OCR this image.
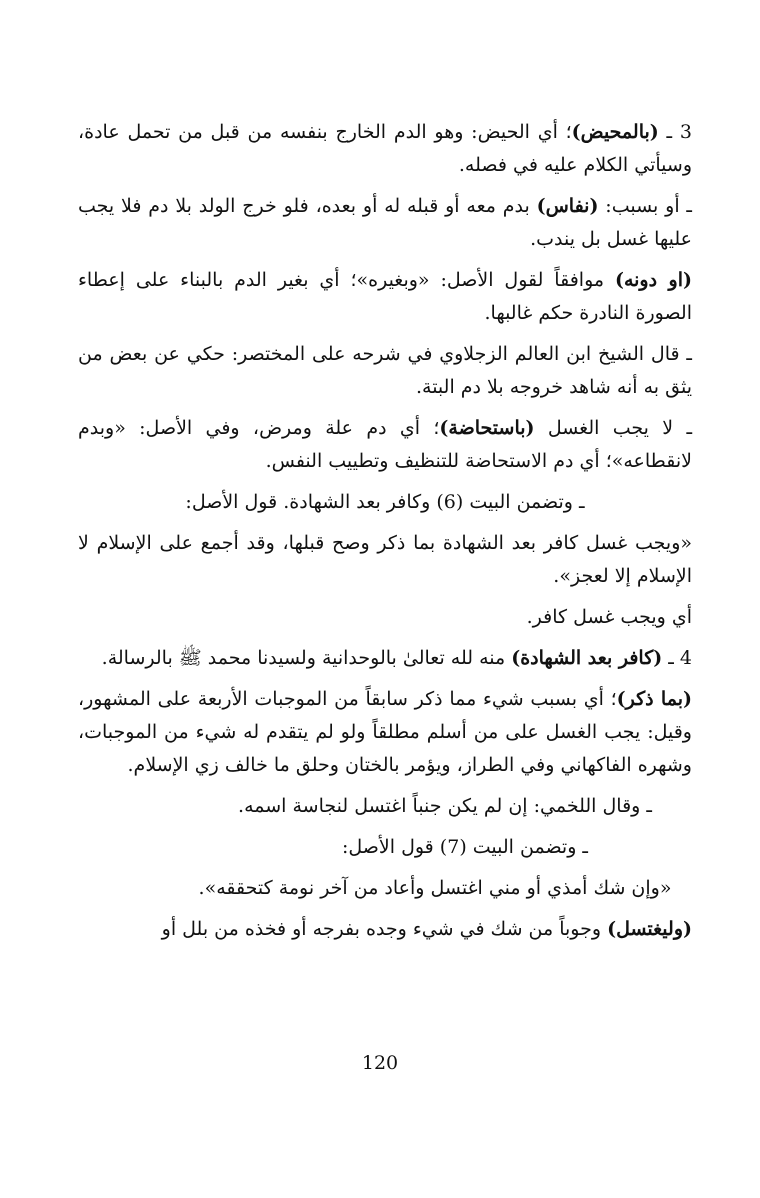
3 ـ (بالمحيض)؛ أي الحيض: وهو الدم الخارج بنفسه من قبل من تحمل عادة، وسيأتي الكلام عليه في فصله.

ـ أو بسبب: (نفاس) بدم معه أو قبله له أو بعده، فلو خرج الولد بلا دم فلا يجب عليها غسل بل يندب.

(او دونه) موافقاً لقول الأصل: «وبغيره»؛ أي بغير الدم بالبناء على إعطاء الصورة النادرة حكم غالبها.

ـ قال الشيخ ابن العالم الزجلاوي في شرحه على المختصر: حكي عن بعض من يثق به أنه شاهد خروجه بلا دم البتة.

ـ لا يجب الغسل (باستحاضة)؛ أي دم علة ومرض، وفي الأصل: «وبدم لانقطاعه»؛ أي دم الاستحاضة للتنظيف وتطييب النفس.

ـ وتضمن البيت (6) وكافر بعد الشهادة. قول الأصل:

«ويجب غسل كافر بعد الشهادة بما ذكر وصح قبلها، وقد أجمع على الإسلام لا الإسلام إلا لعجز».

أي ويجب غسل كافر.

4 ـ (كافر بعد الشهادة) منه لله تعالىٰ بالوحدانية ولسيدنا محمد ﷺ بالرسالة.

(بما ذكر)؛ أي بسبب شيء مما ذكر سابقاً من الموجبات الأربعة على المشهور، وقيل: يجب الغسل على من أسلم مطلقاً ولو لم يتقدم له شيء من الموجبات، وشهره الفاكهاني وفي الطراز، ويؤمر بالختان وحلق ما خالف زي الإسلام.

ـ وقال اللخمي: إن لم يكن جنباً اغتسل لنجاسة اسمه.

ـ وتضمن البيت (7) قول الأصل:

«وإن شك أمذي أو مني اغتسل وأعاد من آخر نومة كتحققه».

(وليغتسل) وجوباً من شك في شيء وجده بفرجه أو فخذه من بلل أو

120
